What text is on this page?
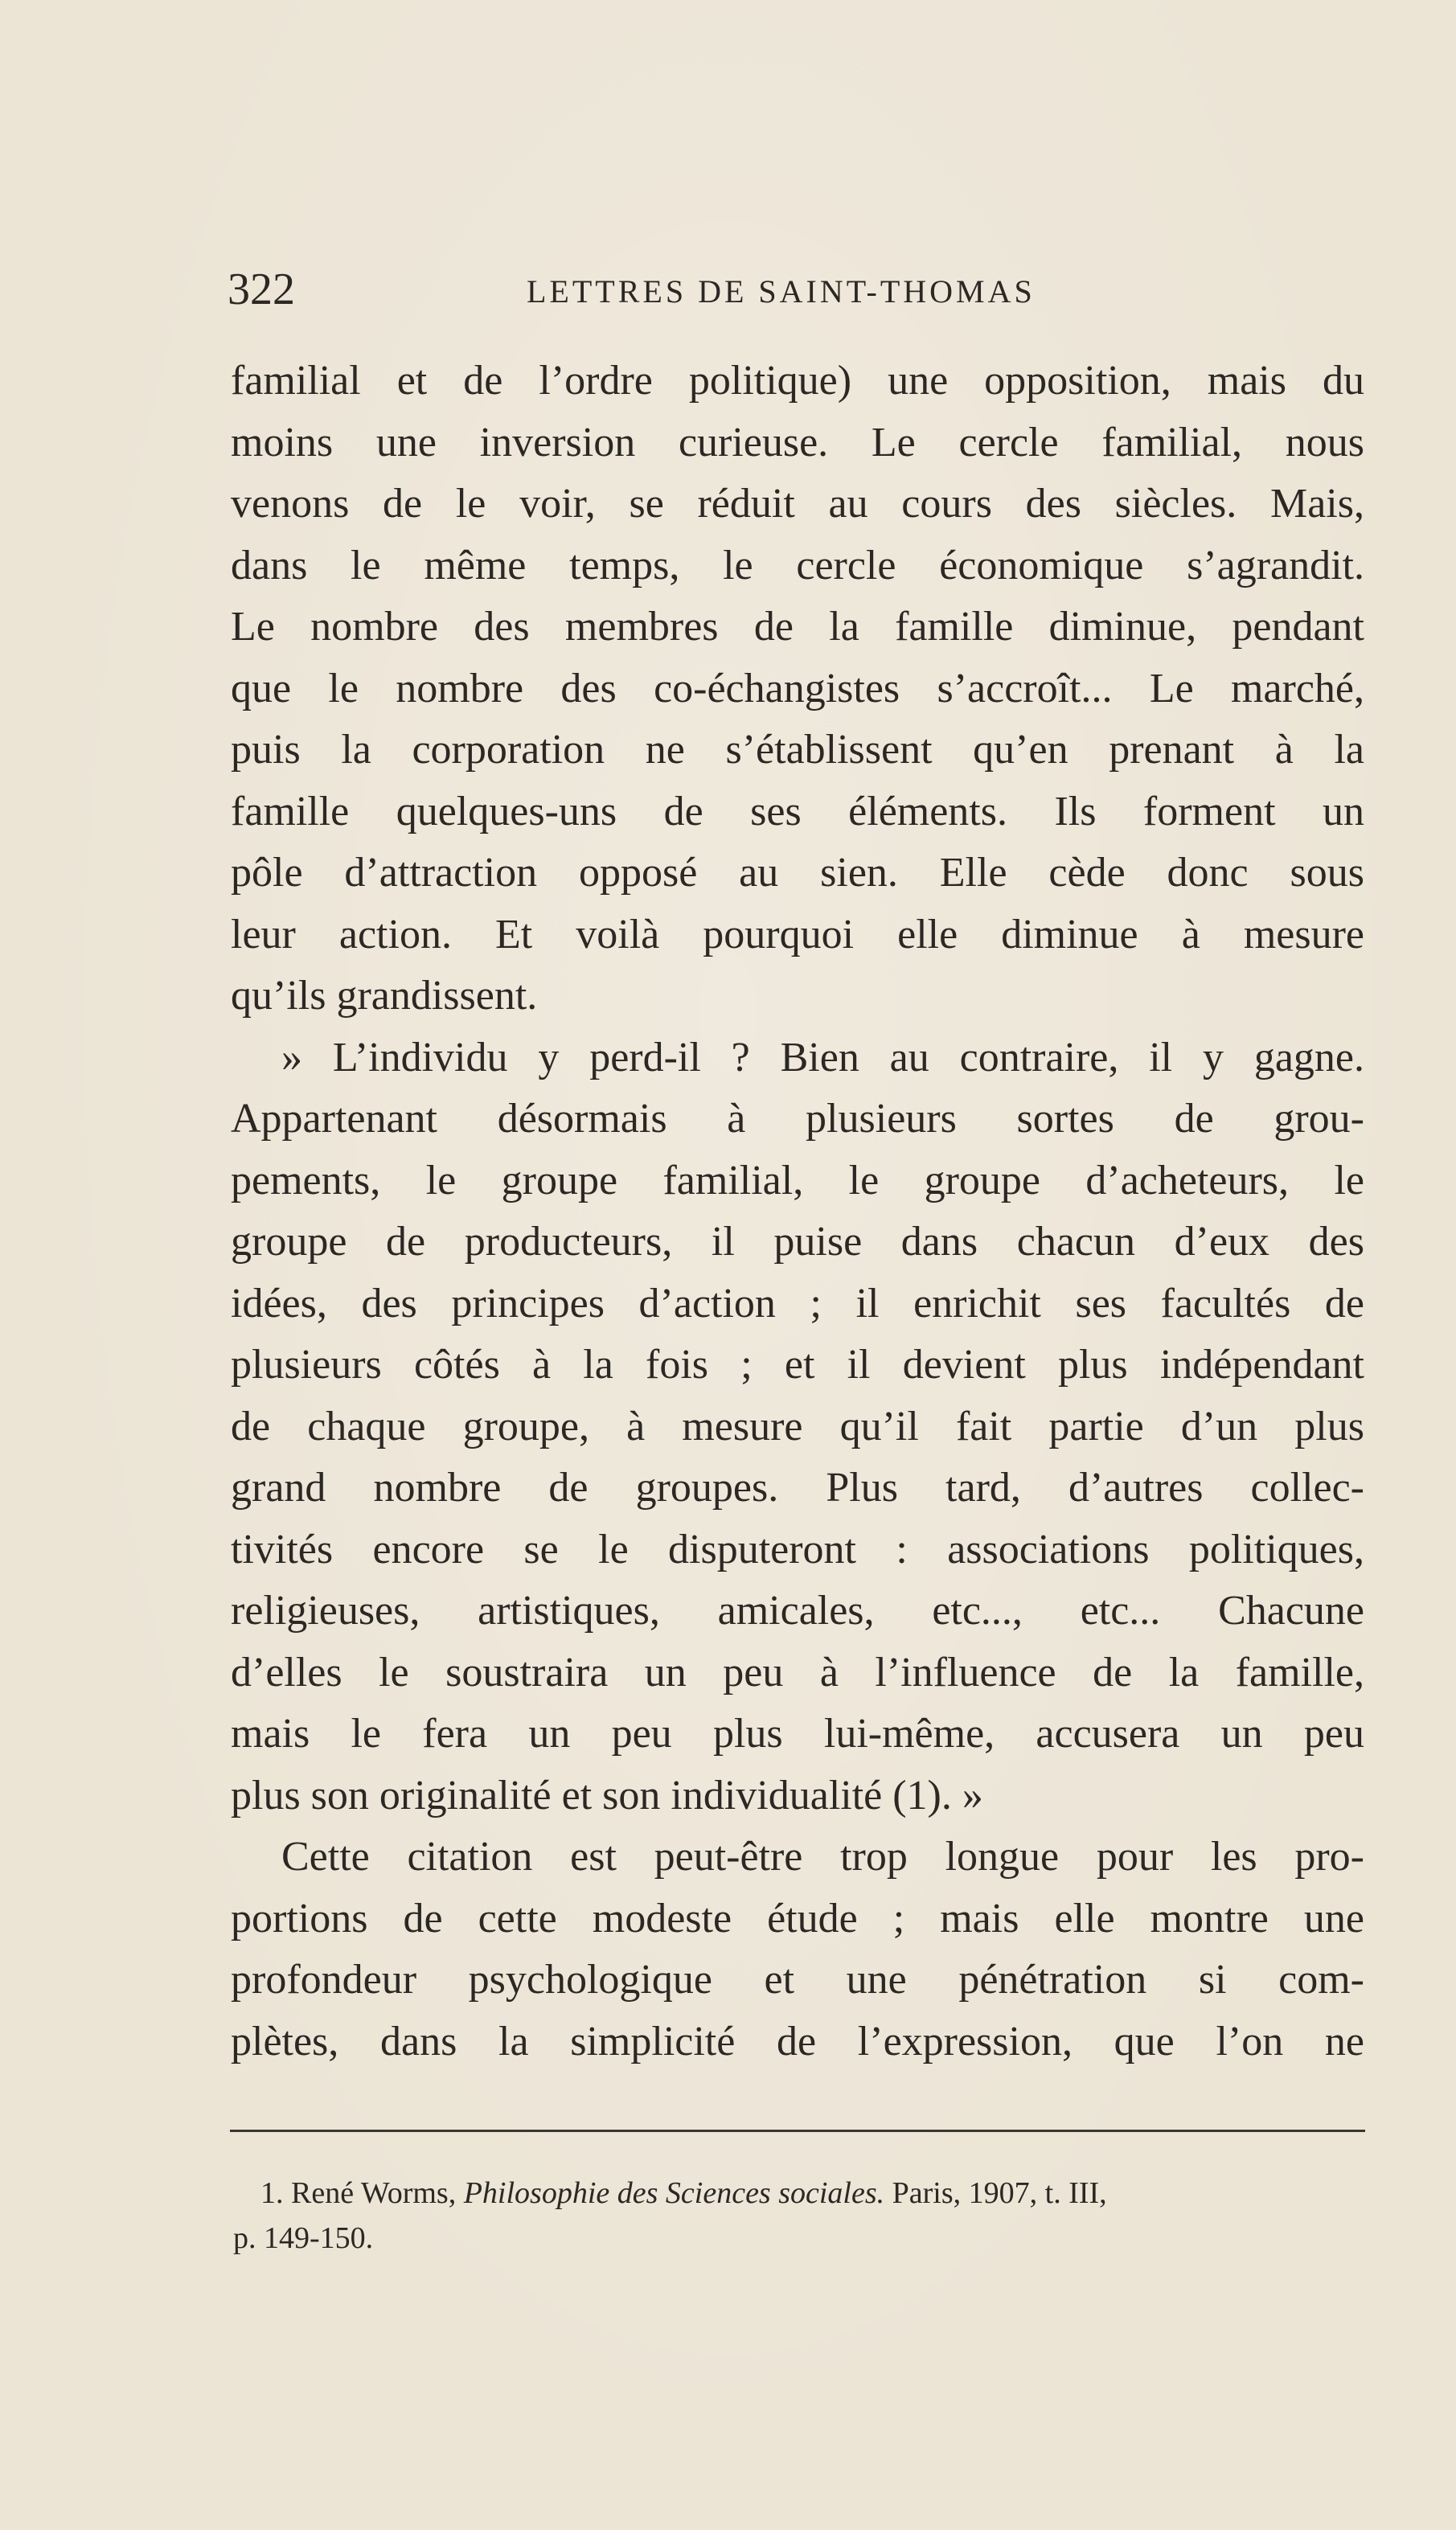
322	LETTRES DE SAINT-THOMAS
familial et de l’ordre politique) une opposition, mais du
moins une inversion curieuse. Le cercle familial, nous
venons de le voir, se réduit au cours des siècles. Mais,
dans le même temps, le cercle économique s’agrandit.
Le nombre des membres de la famille diminue, pendant
que le nombre des co-échangistes s’accroît... Le marché,
puis la corporation ne s’établissent qu’en prenant à la
famille quelques-uns de ses éléments. Ils forment un
pôle d’attraction opposé au sien. Elle cède donc sous
leur action. Et voilà pourquoi elle diminue à mesure
qu’ils grandissent.
» L’individu y perd-il ? Bien au contraire, il y gagne.
Appartenant désormais à plusieurs sortes de grou-
pements, le groupe familial, le groupe d’acheteurs, le
groupe de producteurs, il puise dans chacun d’eux des
idées, des principes d’action ; il enrichit ses facultés de
plusieurs côtés à la fois ; et il devient plus indépendant
de chaque groupe, à mesure qu’il fait partie d’un plus
grand nombre de groupes. Plus tard, d’autres collec-
tivités encore se le disputeront : associations politiques,
religieuses, artistiques, amicales, etc..., etc... Chacune
d’elles le soustraira un peu à l’influence de la famille,
mais le fera un peu plus lui-même, accusera un peu
plus son originalité et son individualité (1). »
Cette citation est peut-être trop longue pour les pro-
portions de cette modeste étude ; mais elle montre une
profondeur psychologique et une pénétration si com-
plètes, dans la simplicité de l’expression, que l’on ne
1. René Worms, Philosophie des Sciences sociales. Paris, 1907, t. III,
p. 149-150.
